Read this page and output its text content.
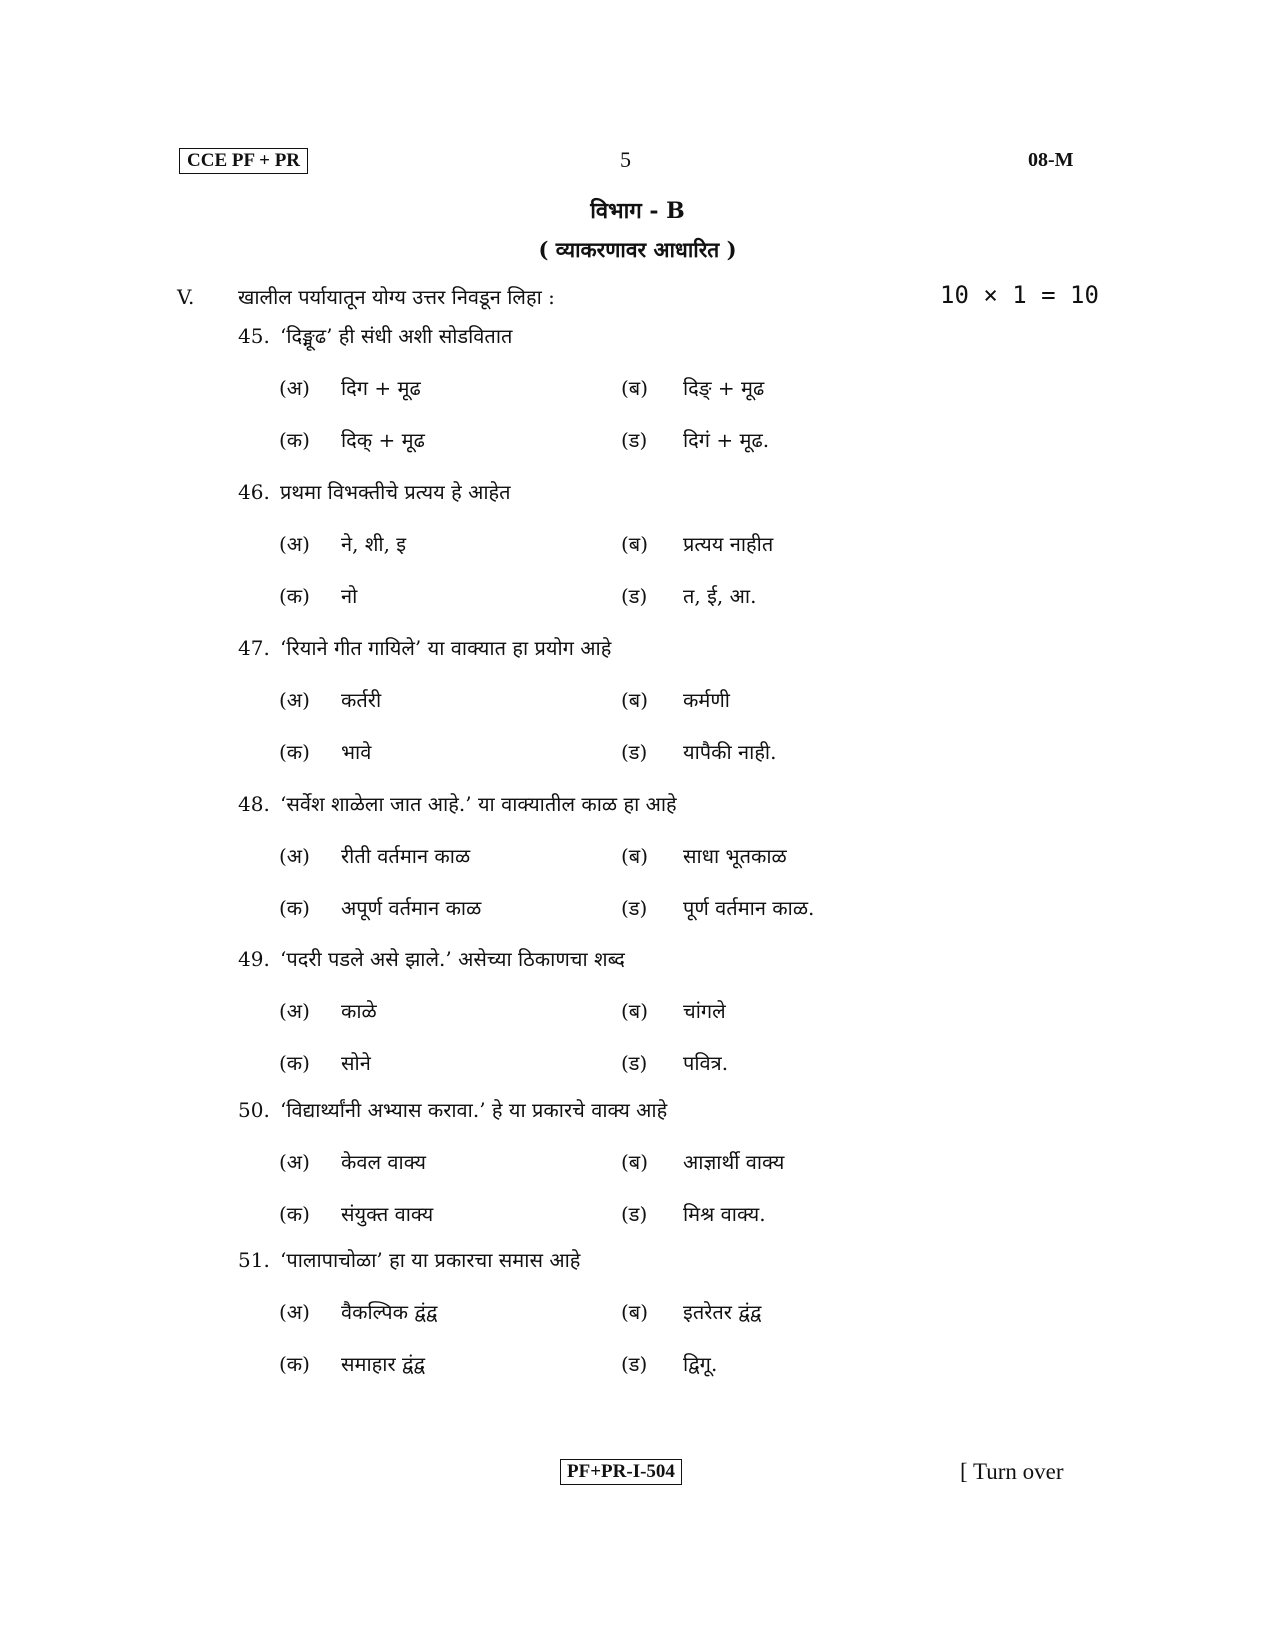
CCE PF + PR	5	08-M
विभाग - B
( व्याकरणावर आधारित )
V. खालील पर्यायातून योग्य उत्तर निवडून लिहा :	10 × 1 = 10
45. ‘दिङ्मूढ’ ही संधी अशी सोडवितात
(अ) दिग + मूढ	(ब) दिङ् + मूढ
(क) दिक् + मूढ	(ड) दिगं + मूढ.
46. प्रथमा विभक्तीचे प्रत्यय हे आहेत
(अ) ने, शी, इ	(ब) प्रत्यय नाहीत
(क) नो	(ड) त, ई, आ.
47. ‘रियाने गीत गायिले’ या वाक्यात हा प्रयोग आहे
(अ) कर्तरी	(ब) कर्मणी
(क) भावे	(ड) यापैकी नाही.
48. ‘सर्वेश शाळेला जात आहे.’ या वाक्यातील काळ हा आहे
(अ) रीती वर्तमान काळ	(ब) साधा भूतकाळ
(क) अपूर्ण वर्तमान काळ	(ड) पूर्ण वर्तमान काळ.
49. ‘पदरी पडले असे झाले.’ असेच्या ठिकाणचा शब्द
(अ) काळे	(ब) चांगले
(क) सोने	(ड) पवित्र.
50. ‘विद्यार्थ्यांनी अभ्यास करावा.’ हे या प्रकारचे वाक्य आहे
(अ) केवल वाक्य	(ब) आज्ञार्थी वाक्य
(क) संयुक्त वाक्य	(ड) मिश्र वाक्य.
51. ‘पालापाचोळा’ हा या प्रकारचा समास आहे
(अ) वैकल्पिक द्वंद्व	(ब) इतरेतर द्वंद्व
(क) समाहार द्वंद्व	(ड) द्विगू.
PF+PR-I-504	[ Turn over
